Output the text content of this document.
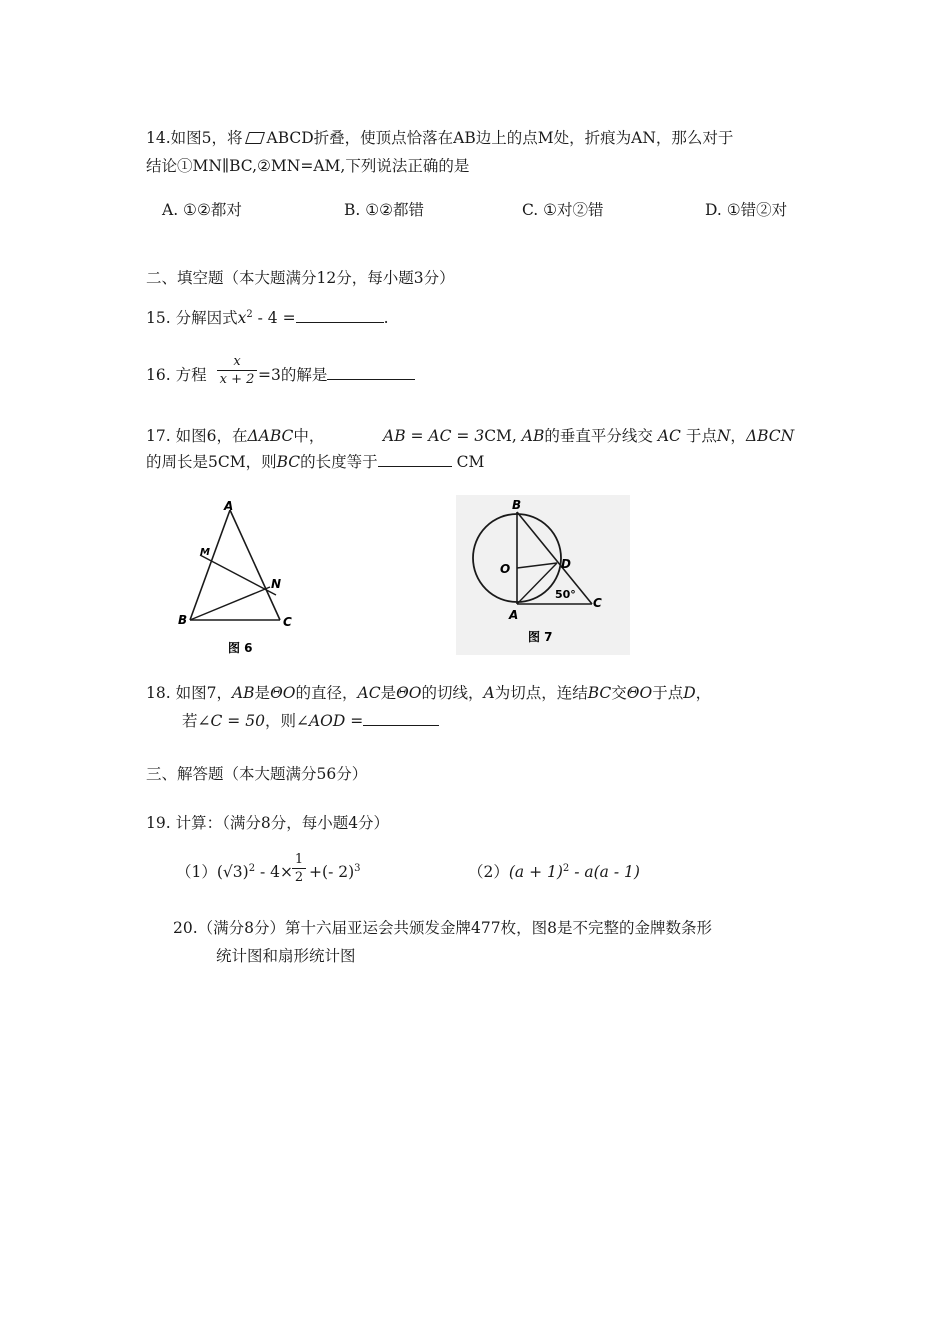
14.如图5，将 ABCD折叠，使顶点恰落在AB边上的点M处，折痕为AN，那么对于
结论①MN∥BC,②MN=AM,下列说法正确的是
A. ①②都对	B. ①②都错	C. ①对②错	D. ①错②对
二、填空题（本大题满分12分，每小题3分）
15. 分解因式$x^2 - 4$ =	.
16. 方程
x
x + 2 =3的解是
17. 如图6，在ΔABC中，	AB = AC = 3CM, AB的垂直平分线交 AC 于点N，ΔBCN
的周长是5CM，则BC的长度等于	CM
A
M
N
B	C
图 6
B
O	D
A
C
50°
图 7
18. 如图7，AB是ΘO的直径，AC是ΘO的切线，A为切点，连结BC交ΘO于点D，
若∠C = 50，则∠AOD =
三、解答题（本大题满分56分）
19. 计算：（满分8分，每小题4分）
$(1)(√3)^2 - 4\times$ +(- 2)$^3$
1
2	$(2)(a + 1)^2 - a(a - 1)$
20.（满分8分）第十六届亚运会共颁发金牌477枚，图8是不完整的金牌数条形
统计图和扇形统计图
